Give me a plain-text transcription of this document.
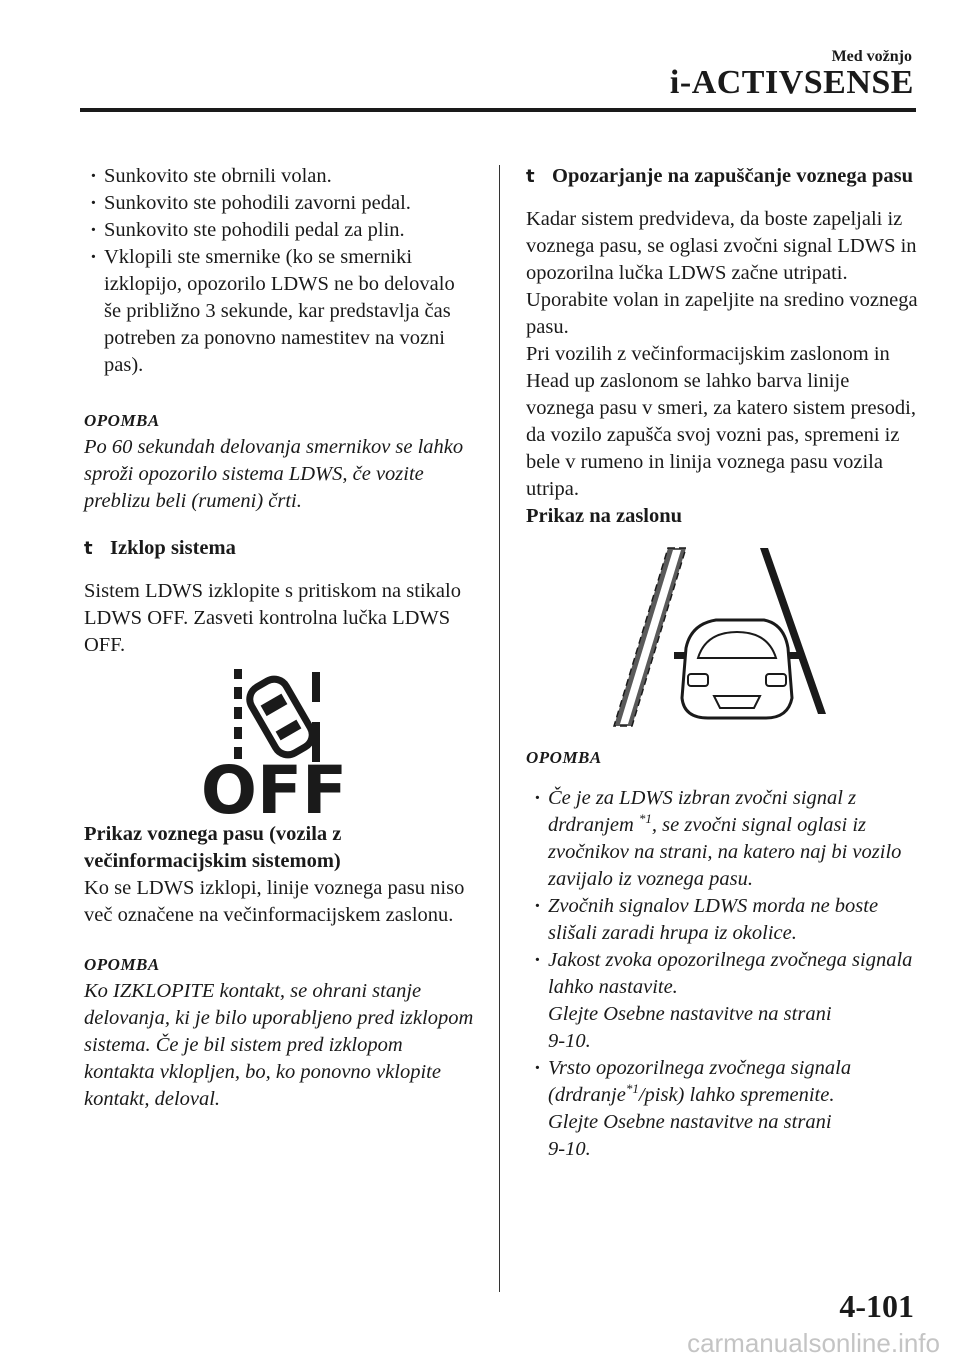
Med vožnjo
i-ACTIVSENSE
· Sunkovito ste obrnili volan.
· Sunkovito ste pohodili zavorni pedal.
· Sunkovito ste pohodili pedal za plin.
· Vklopili ste smernike (ko se smerniki izklopijo, opozorilo LDWS ne bo delovalo še približno 3 sekunde, kar predstavlja čas potreben za ponovno namestitev na vozni pas).
OPOMBA
Po 60 sekundah delovanja smernikov se lahko sproži opozorilo sistema LDWS, če vozite preblizu beli (rumeni) črti.
t Izklop sistema
Sistem LDWS izklopite s pritiskom na stikalo LDWS OFF. Zasveti kontrolna lučka LDWS OFF.
OFF
Prikaz voznega pasu (vozila z večinformacijskim sistemom)
Ko se LDWS izklopi, linije voznega pasu niso več označene na večinformacijskem zaslonu.
OPOMBA
Ko IZKLOPITE kontakt, se ohrani stanje delovanja, ki je bilo uporabljeno pred izklopom sistema. Če je bil sistem pred izklopom kontakta vklopljen, bo, ko ponovno vklopite kontakt, deloval.
t Opozarjanje na zapuščanje voznega pasu
Kadar sistem predvideva, da boste zapeljali iz voznega pasu, se oglasi zvočni signal LDWS in opozorilna lučka LDWS začne utripati. Uporabite volan in zapeljite na sredino voznega pasu.
Pri vozilih z večinformacijskim zaslonom in Head up zaslonom se lahko barva linije voznega pasu v smeri, za katero sistem presodi, da vozilo zapušča svoj vozni pas, spremeni iz bele v rumeno in linija voznega pasu vozila utripa.
Prikaz na zaslonu
OPOMBA
· Če je za LDWS izbran zvočni signal z drdranjem $^{*1}$, se zvočni signal oglasi iz zvočnikov na strani, na katero naj bi vozilo zavijalo iz voznega pasu.
· Zvočnih signalov LDWS morda ne boste slišali zaradi hrupa iz okolice.
· Jakost zvoka opozorilnega zvočnega signala lahko nastavite.
Glejte Osebne nastavitve na strani
9-10.
· Vrsto opozorilnega zvočnega signala (drdranje$^{*1}$/pisk) lahko spremenite.
Glejte Osebne nastavitve na strani
9-10.
4-101
carmanualsonline.info
